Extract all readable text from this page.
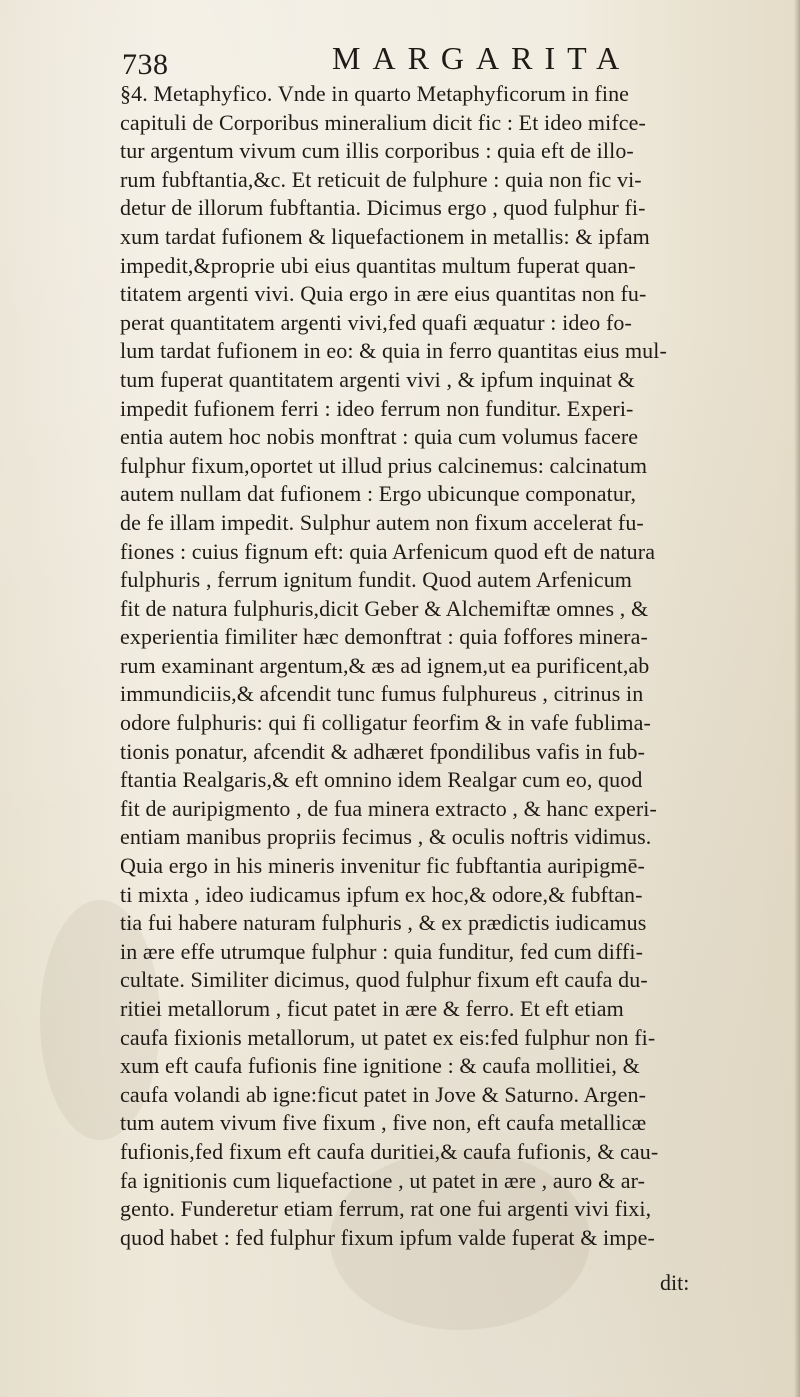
738	MARGARITA
§4. Metaphyfico. Vnde in quarto Metaphyficorum in fine
capituli de Corporibus mineralium dicit fic : Et ideo mifce-
tur argentum vivum cum illis corporibus : quia eft de illo-
rum fubftantia,&c. Et reticuit de fulphure : quia non fic vi-
detur de illorum fubftantia. Dicimus ergo , quod fulphur fi-
xum tardat fufionem & liquefactionem in metallis: & ipfam
impedit,&proprie ubi eius quantitas multum fuperat quan-
titatem argenti vivi. Quia ergo in ære eius quantitas non fu-
perat quantitatem argenti vivi,fed quafi æquatur : ideo fo-
lum tardat fufionem in eo: & quia in ferro quantitas eius mul-
tum fuperat quantitatem argenti vivi , & ipfum inquinat &
impedit fufionem ferri : ideo ferrum non funditur. Experi-
entia autem hoc nobis monftrat : quia cum volumus facere
fulphur fixum,oportet ut illud prius calcinemus: calcinatum
autem nullam dat fufionem : Ergo ubicunque componatur,
de fe illam impedit. Sulphur autem non fixum accelerat fu-
fiones : cuius fignum eft: quia Arfenicum quod eft de natura
fulphuris , ferrum ignitum fundit. Quod autem Arfenicum
fit de natura fulphuris,dicit Geber & Alchemiftæ omnes , &
experientia fimiliter hæc demonftrat : quia foffores minera-
rum examinant argentum,& æs ad ignem,ut ea purificent,ab
immundiciis,& afcendit tunc fumus fulphureus , citrinus in
odore fulphuris: qui fi colligatur feorfim & in vafe fublima-
tionis ponatur, afcendit & adhæret fpondilibus vafis in fub-
ftantia Realgaris,& eft omnino idem Realgar cum eo, quod
fit de auripigmento , de fua minera extracto , & hanc experi-
entiam manibus propriis fecimus , & oculis noftris vidimus.
Quia ergo in his mineris invenitur fic fubftantia auripigmē-
ti mixta , ideo iudicamus ipfum ex hoc,& odore,& fubftan-
tia fui habere naturam fulphuris , & ex prædictis iudicamus
in ære effe utrumque fulphur : quia funditur, fed cum diffi-
cultate. Similiter dicimus, quod fulphur fixum eft caufa du-
ritiei metallorum , ficut patet in ære & ferro. Et eft etiam
caufa fixionis metallorum, ut patet ex eis:fed fulphur non fi-
xum eft caufa fufionis fine ignitione : & caufa mollitiei, &
caufa volandi ab igne:ficut patet in Jove & Saturno. Argen-
tum autem vivum five fixum , five non, eft caufa metallicæ
fufionis,fed fixum eft caufa duritiei,& caufa fufionis, & cau-
fa ignitionis cum liquefactione , ut patet in ære , auro & ar-
gento. Funderetur etiam ferrum, rat one fui argenti vivi fixi,
quod habet : fed fulphur fixum ipfum valde fuperat & impe-
dit:
